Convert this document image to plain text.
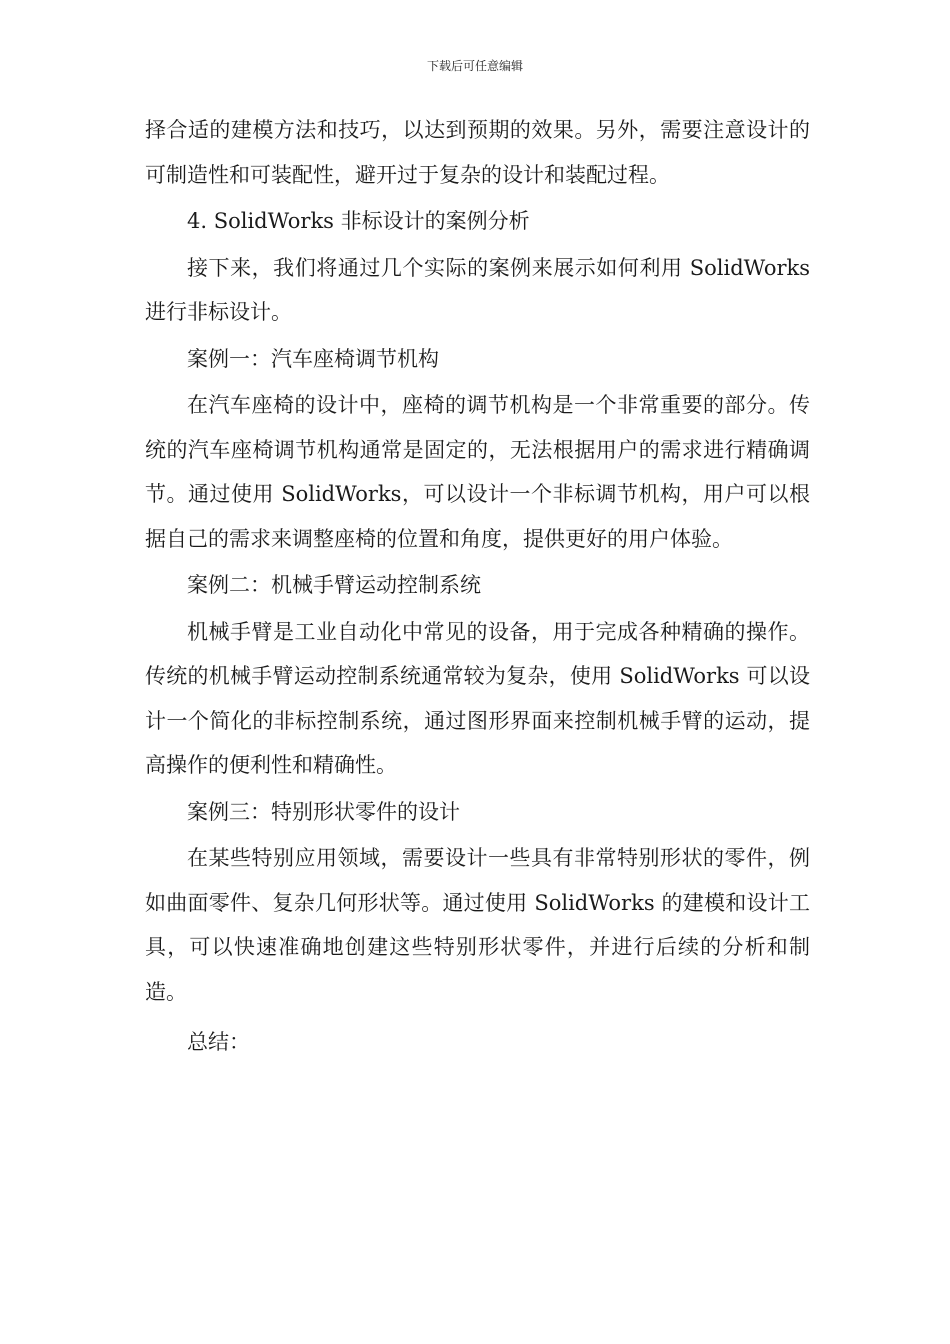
下载后可任意编辑

择合适的建模方法和技巧，以达到预期的效果。另外，需要注意设计的可制造性和可装配性，避开过于复杂的设计和装配过程。

4. SolidWorks 非标设计的案例分析

接下来，我们将通过几个实际的案例来展示如何利用 SolidWorks 进行非标设计。

案例一：汽车座椅调节机构

在汽车座椅的设计中，座椅的调节机构是一个非常重要的部分。传统的汽车座椅调节机构通常是固定的，无法根据用户的需求进行精确调节。通过使用 SolidWorks，可以设计一个非标调节机构，用户可以根据自己的需求来调整座椅的位置和角度，提供更好的用户体验。

案例二：机械手臂运动控制系统

机械手臂是工业自动化中常见的设备，用于完成各种精确的操作。传统的机械手臂运动控制系统通常较为复杂，使用 SolidWorks 可以设计一个简化的非标控制系统，通过图形界面来控制机械手臂的运动，提高操作的便利性和精确性。

案例三：特别形状零件的设计

在某些特别应用领域，需要设计一些具有非常特别形状的零件，例如曲面零件、复杂几何形状等。通过使用 SolidWorks 的建模和设计工具，可以快速准确地创建这些特别形状零件，并进行后续的分析和制造。

总结：
